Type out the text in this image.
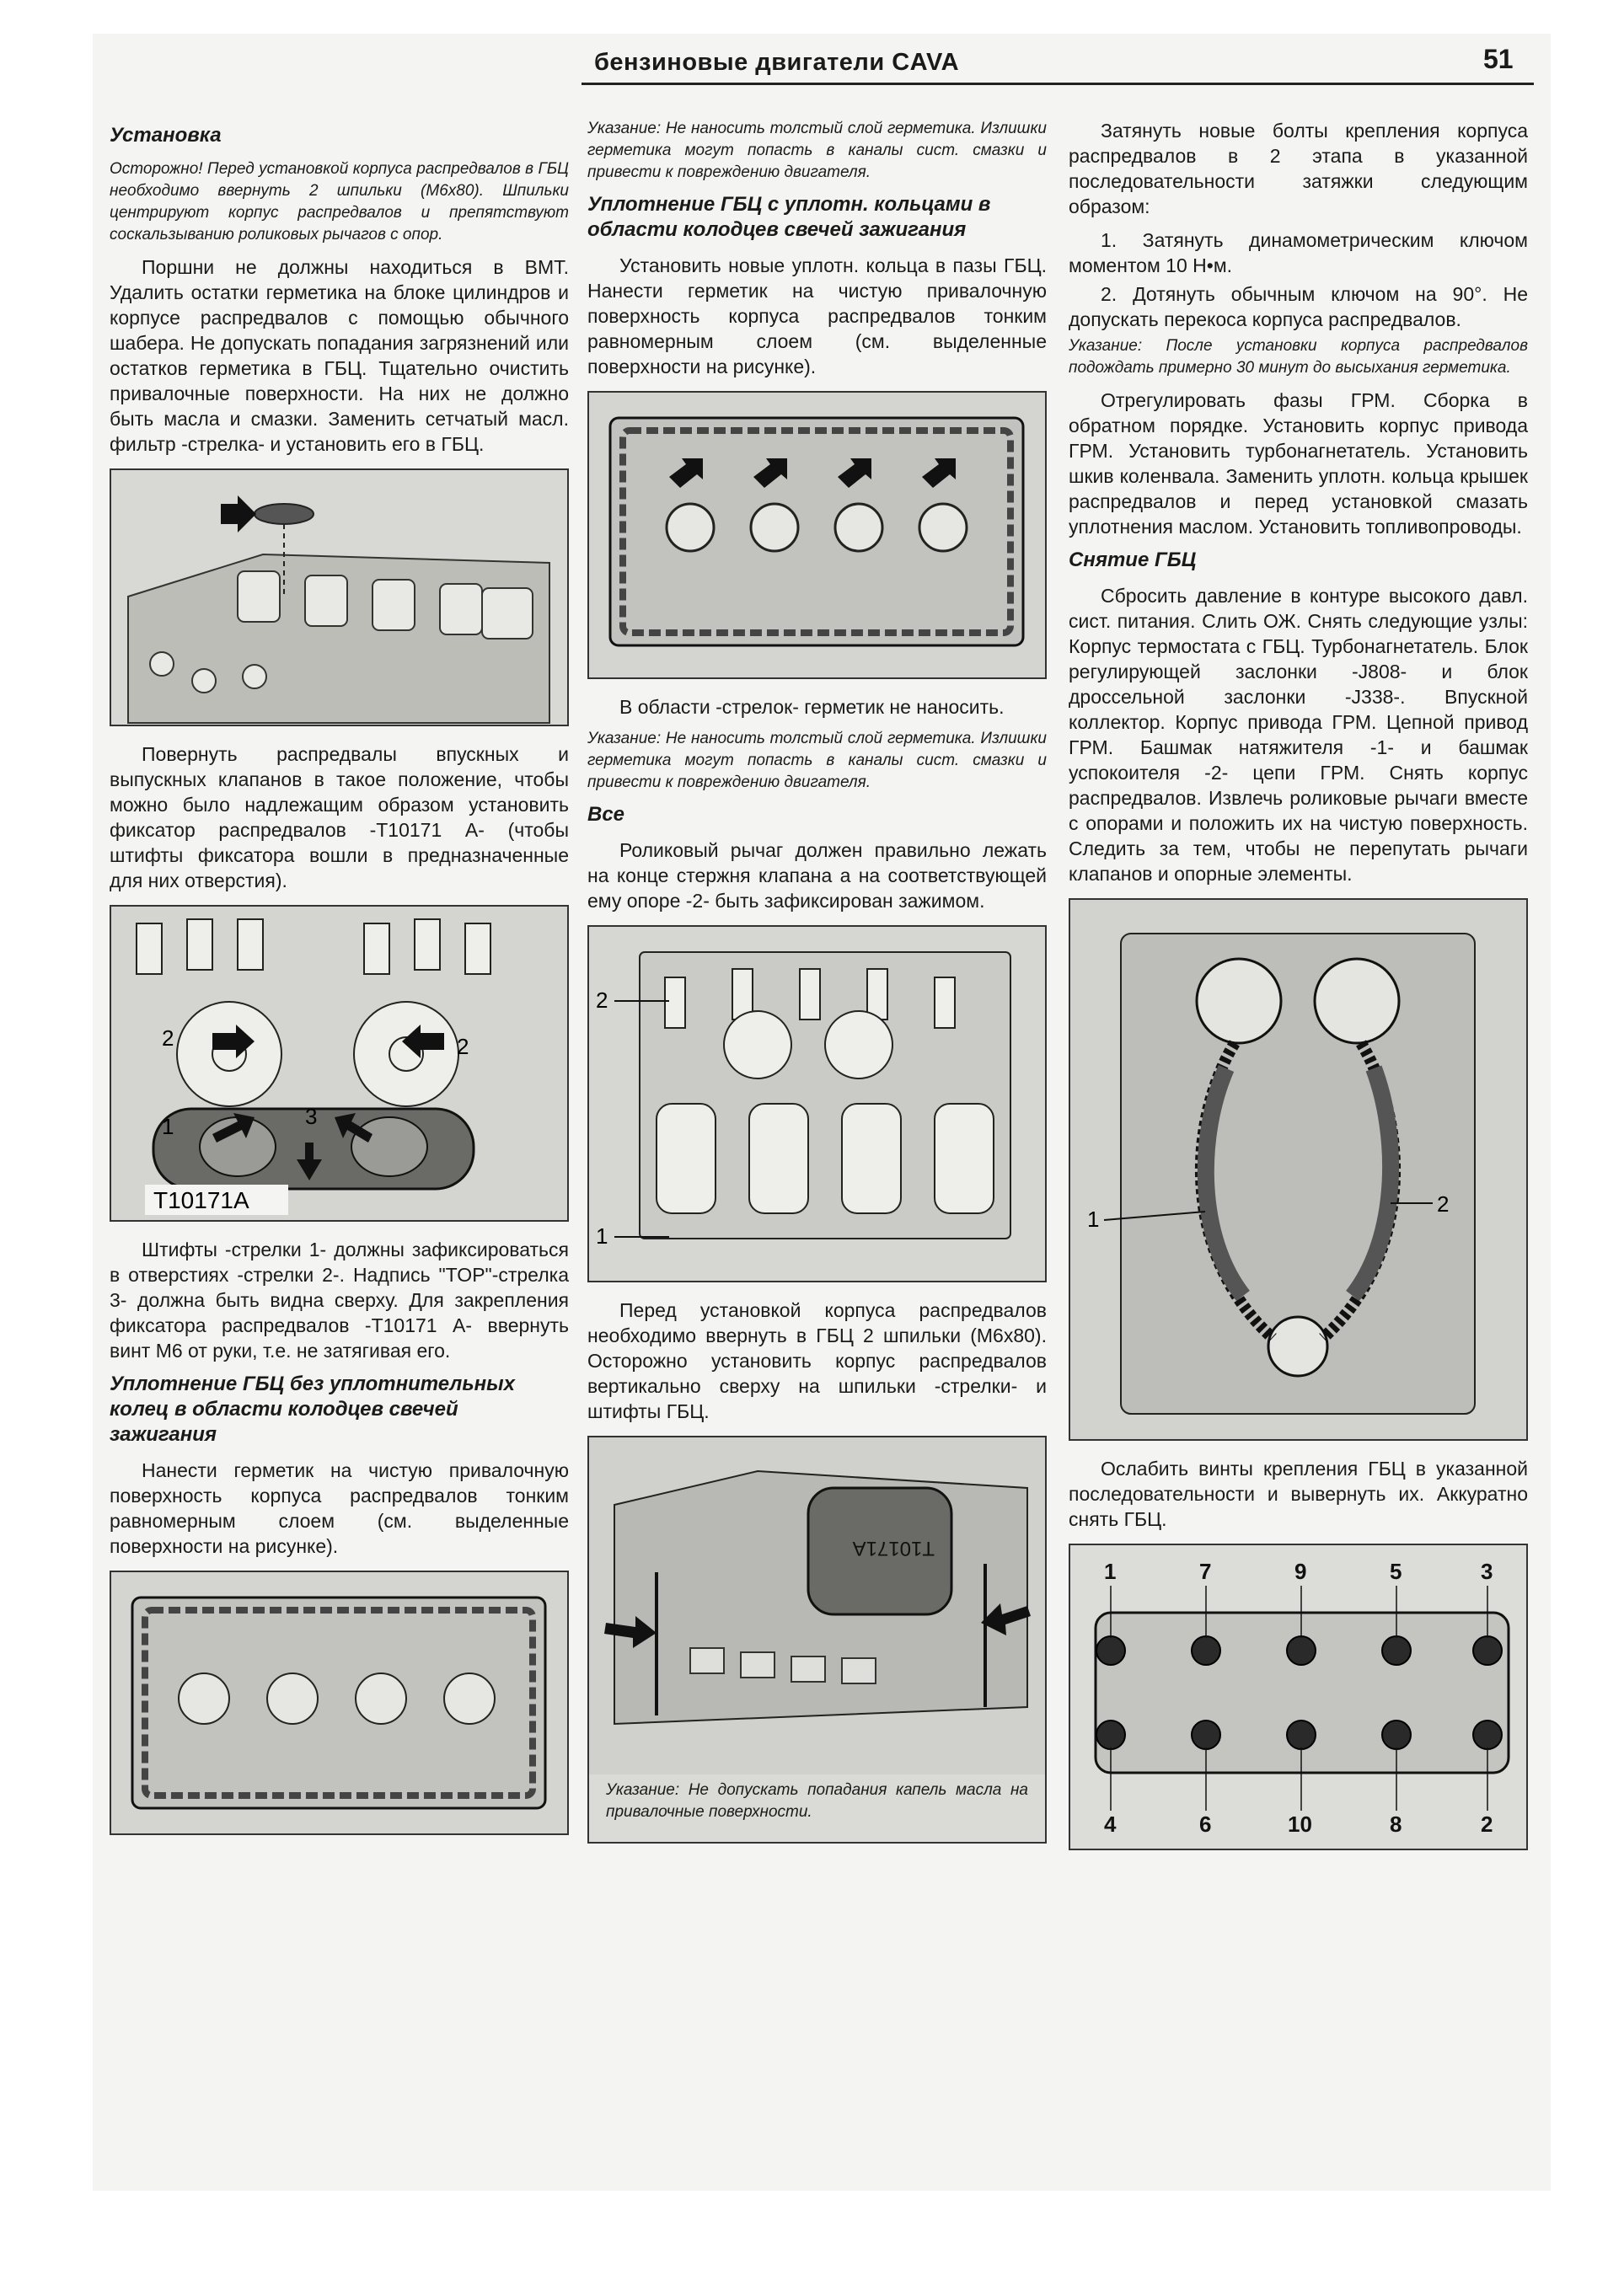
бензиновые двигатели CAVA	51
Установка

Осторожно! Перед установкой корпуса распредвалов в ГБЦ необходимо ввернуть 2 шпильки (М6х80). Шпильки центрируют корпус распредвалов и препятствуют соскальзыванию роликовых рычагов с опор.

Поршни не должны находиться в ВМТ. Удалить остатки герметика на блоке цилиндров и корпусе распредвалов с помощью обычного шабера. Не допускать попадания загрязнений или остатков герметика в ГБЦ. Тщательно очистить привалочные поверхности. На них не должно быть масла и смазки. Заменить сетчатый масл. фильтр -стрелка- и установить его в ГБЦ.

Повернуть распредвалы впускных и выпускных клапанов в такое положение, чтобы можно было надлежащим образом установить фиксатор распредвалов -T10171 А- (чтобы штифты фиксатора вошли в предназначенные для них отверстия).

2	2
1	3
T10171A

Штифты -стрелки 1- должны зафиксироваться в отверстиях -стрелки 2-. Надпись "TOP"-стрелка 3- должна быть видна сверху. Для закрепления фиксатора распредвалов -T10171 А- ввернуть винт М6 от руки, т.е. не затягивая его.

Уплотнение ГБЦ без уплотнительных колец в области колодцев свечей зажигания

Нанести герметик на чистую привалочную поверхность корпуса распредвалов тонким равномерным слоем (см. выделенные поверхности на рисунке).

Указание: Не наносить толстый слой герметика. Излишки герметика могут попасть в каналы сист. смазки и привести к повреждению двигателя.

Уплотнение ГБЦ с уплотн. кольцами в области колодцев свечей зажигания

Установить новые уплотн. кольца в пазы ГБЦ. Нанести герметик на чистую привалочную поверхность корпуса распредвалов тонким равномерным слоем (см. выделенные поверхности на рисунке).

В области -стрелок- герметик не наносить.

Указание: Не наносить толстый слой герметика. Излишки герметика могут попасть в каналы сист. смазки и привести к повреждению двигателя.

Все

Роликовый рычаг должен правильно лежать на конце стержня клапана а на соответствующей ему опоре -2- быть зафиксирован зажимом.

2
1

Перед установкой корпуса распредвалов необходимо ввернуть в ГБЦ 2 шпильки (М6х80). Осторожно установить корпус распредвалов вертикально сверху на шпильки -стрелки- и штифты ГБЦ.

T10171A

Указание: Не допускать попадания капель масла на привалочные поверхности.

Затянуть новые болты крепления корпуса распредвалов в 2 этапа в указанной последовательности затяжки следующим образом:

1. Затянуть динамометрическим ключом моментом 10 Н•м.

2. Дотянуть обычным ключом на 90°. Не допускать перекоса корпуса распредвалов.

Указание: После установки корпуса распредвалов подождать примерно 30 минут до высыхания герметика.

Отрегулировать фазы ГРМ. Сборка в обратном порядке. Установить корпус привода ГРМ. Установить турбонагнетатель. Установить шкив коленвала. Заменить уплотн. кольца крышек распредвалов и перед установкой смазать уплотнения маслом. Установить топливопроводы.

Снятие ГБЦ

Сбросить давление в контуре высокого давл. сист. питания. Слить ОЖ. Снять следующие узлы: Корпус термостата с ГБЦ. Турбонагнетатель. Блок регулирующей заслонки -J808- и блок дроссельной заслонки -J338-. Впускной коллектор. Корпус привода ГРМ. Цепной привод ГРМ. Башмак натяжителя -1- и башмак успокоителя -2- цепи ГРМ. Снять корпус распредвалов. Извлечь роликовые рычаги вместе с опорами и положить их на чистую поверхность. Следить за тем, чтобы не перепутать рычаги клапанов и опорные элементы.

1
2

Ослабить винты крепления ГБЦ в указанной последовательности и вывернуть их. Аккуратно снять ГБЦ.

1	7	9	5	3
4	6	10	8	2
